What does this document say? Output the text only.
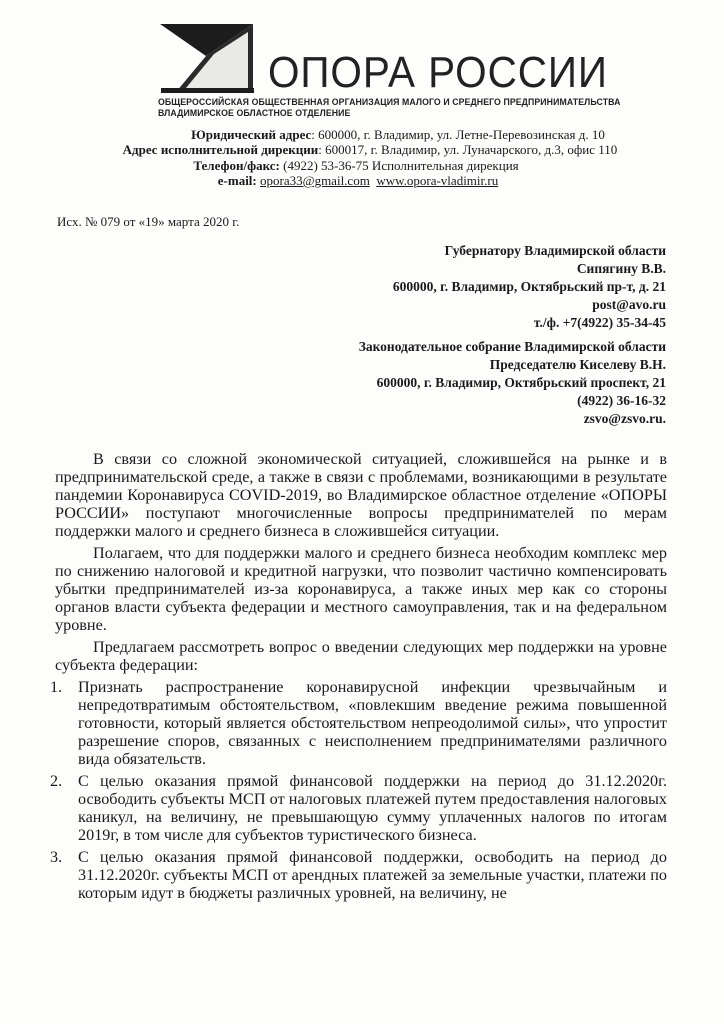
ОПОРА РОССИИ
ОБЩЕРОССИЙСКАЯ ОБЩЕСТВЕННАЯ ОРГАНИЗАЦИЯ МАЛОГО И СРЕДНЕГО ПРЕДПРИНИМАТЕЛЬСТВА
ВЛАДИМИРСКОЕ ОБЛАСТНОЕ ОТДЕЛЕНИЕ
Юридический адрес: 600000, г. Владимир, ул. Летне-Перевозинская д. 10
Адрес исполнительной дирекции: 600017, г. Владимир, ул. Луначарского, д.3, офис 110
Телефон/факс: (4922) 53-36-75 Исполнительная дирекция
e-mail: opora33@gmail.com www.opora-vladimir.ru
Исх. № 079 от «19» марта 2020 г.
Губернатору Владимирской области
Сипягину В.В.
600000, г. Владимир, Октябрьский пр-т, д. 21
post@avo.ru
т./ф. +7(4922) 35-34-45
Законодательное собрание Владимирской области
Председателю Киселеву В.Н.
600000, г. Владимир, Октябрьский проспект, 21
(4922) 36-16-32
zsvo@zsvo.ru.

В связи со сложной экономической ситуацией, сложившейся на рынке и в предпринимательской среде, а также в связи с проблемами, возникающими в результате пандемии Коронавируса COVID-2019, во Владимирское областное отделение «ОПОРЫ РОССИИ» поступают многочисленные вопросы предпринимателей по мерам поддержки малого и среднего бизнеса в сложившейся ситуации.

Полагаем, что для поддержки малого и среднего бизнеса необходим комплекс мер по снижению налоговой и кредитной нагрузки, что позволит частично компенсировать убытки предпринимателей из-за коронавируса, а также иных мер как со стороны органов власти субъекта федерации и местного самоуправления, так и на федеральном уровне.

Предлагаем рассмотреть вопрос о введении следующих мер поддержки на уровне субъекта федерации:

1. Признать распространение коронавирусной инфекции чрезвычайным и непредотвратимым обстоятельством, «повлекшим введение режима повышенной готовности, который является обстоятельством непреодолимой силы», что упростит разрешение споров, связанных с неисполнением предпринимателями различного вида обязательств.
2. С целью оказания прямой финансовой поддержки на период до 31.12.2020г. освободить субъекты МСП от налоговых платежей путем предоставления налоговых каникул, на величину, не превышающую сумму уплаченных налогов по итогам 2019г, в том числе для субъектов туристического бизнеса.
3. С целью оказания прямой финансовой поддержки, освободить на период до 31.12.2020г. субъекты МСП от арендных платежей за земельные участки, платежи по которым идут в бюджеты различных уровней, на величину, не
